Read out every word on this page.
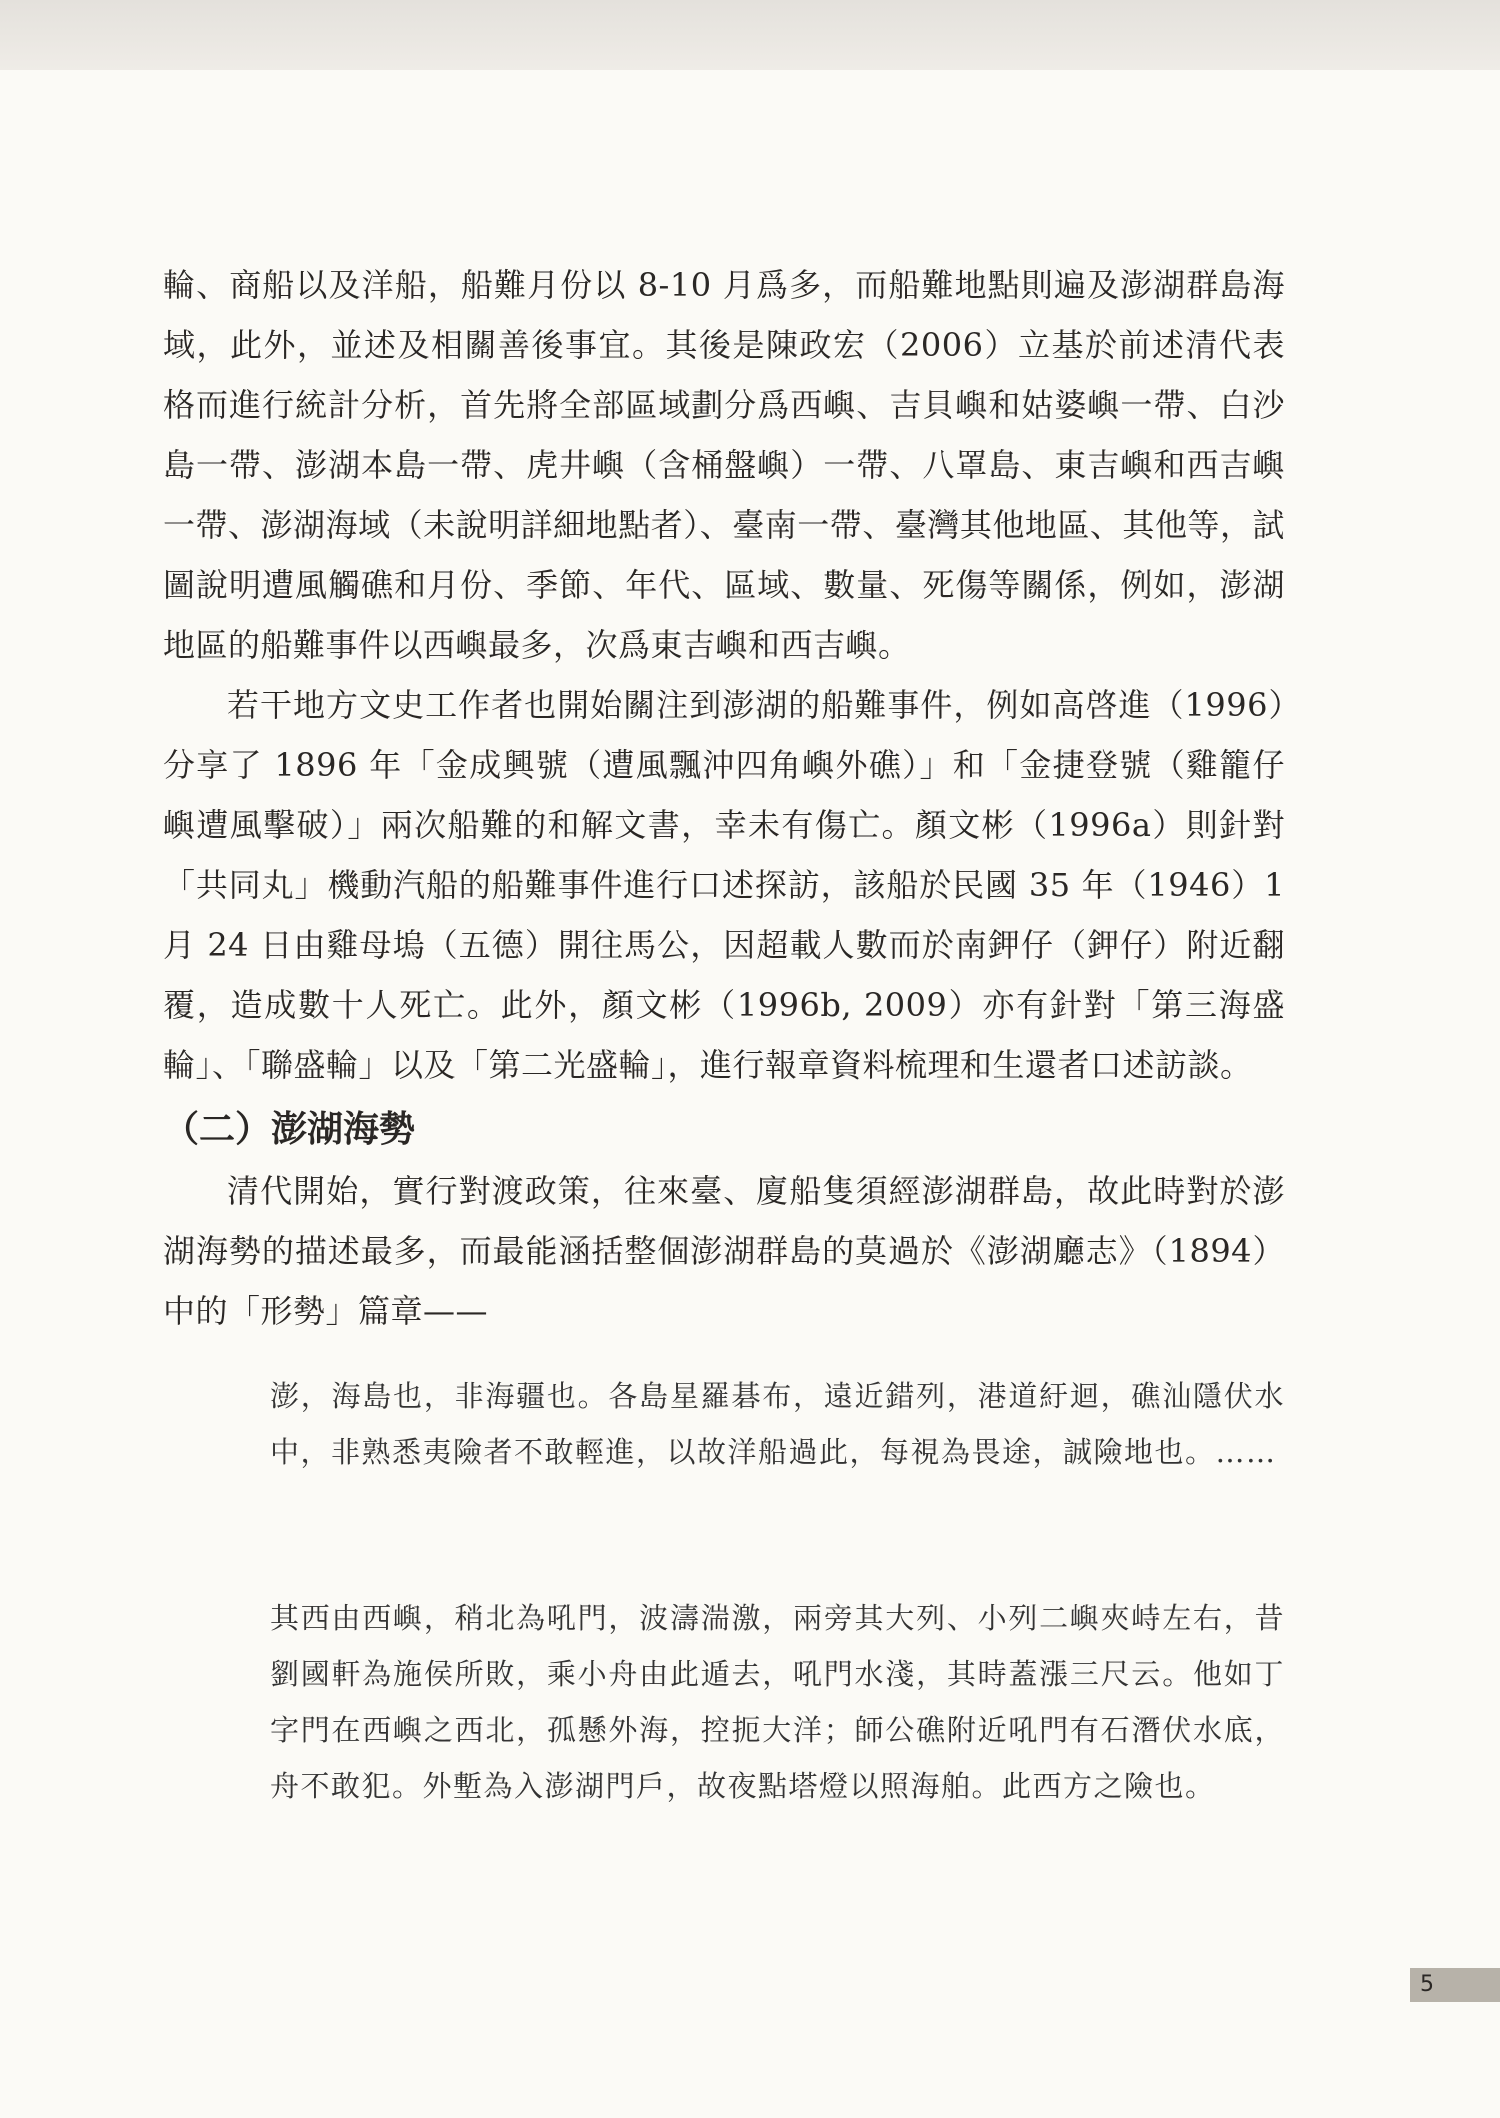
輪、商船以及洋船，船難月份以 8-10 月爲多，而船難地點則遍及澎湖群島海域，此外，並述及相關善後事宜。其後是陳政宏（2006）立基於前述清代表格而進行統計分析，首先將全部區域劃分爲西嶼、吉貝嶼和姑婆嶼一帶、白沙島一帶、澎湖本島一帶、虎井嶼（含桶盤嶼）一帶、八罩島、東吉嶼和西吉嶼一帶、澎湖海域（未說明詳細地點者）、臺南一帶、臺灣其他地區、其他等，試圖說明遭風觸礁和月份、季節、年代、區域、數量、死傷等關係，例如，澎湖地區的船難事件以西嶼最多，次爲東吉嶼和西吉嶼。

若干地方文史工作者也開始關注到澎湖的船難事件，例如高啓進（1996）分享了 1896 年「金成興號（遭風飄沖四角嶼外礁）」和「金捷登號（雞籠仔嶼遭風擊破）」兩次船難的和解文書，幸未有傷亡。顏文彬（1996a）則針對「共同丸」機動汽船的船難事件進行口述探訪，該船於民國 35 年（1946）1 月 24 日由雞母塢（五德）開往馬公，因超載人數而於南鉀仔（鉀仔）附近翻覆，造成數十人死亡。此外，顏文彬（1996b, 2009）亦有針對「第三海盛輪」、「聯盛輪」以及「第二光盛輪」，進行報章資料梳理和生還者口述訪談。

（二）澎湖海勢

清代開始，實行對渡政策，往來臺、廈船隻須經澎湖群島，故此時對於澎湖海勢的描述最多，而最能涵括整個澎湖群島的莫過於《澎湖廳志》（1894）中的「形勢」篇章——

澎，海島也，非海疆也。各島星羅碁布，遠近錯列，港道紆迴，礁汕隱伏水中，非熟悉夷險者不敢輕進，以故洋船過此，每視為畏途，誠險地也。……

其西由西嶼，稍北為吼門，波濤湍激，兩旁其大列、小列二嶼夾峙左右，昔劉國軒為施侯所敗，乘小舟由此遁去，吼門水淺，其時蓋漲三尺云。他如丁字門在西嶼之西北，孤懸外海，控扼大洋；師公礁附近吼門有石潛伏水底，舟不敢犯。外塹為入澎湖門戶，故夜點塔燈以照海舶。此西方之險也。

5
